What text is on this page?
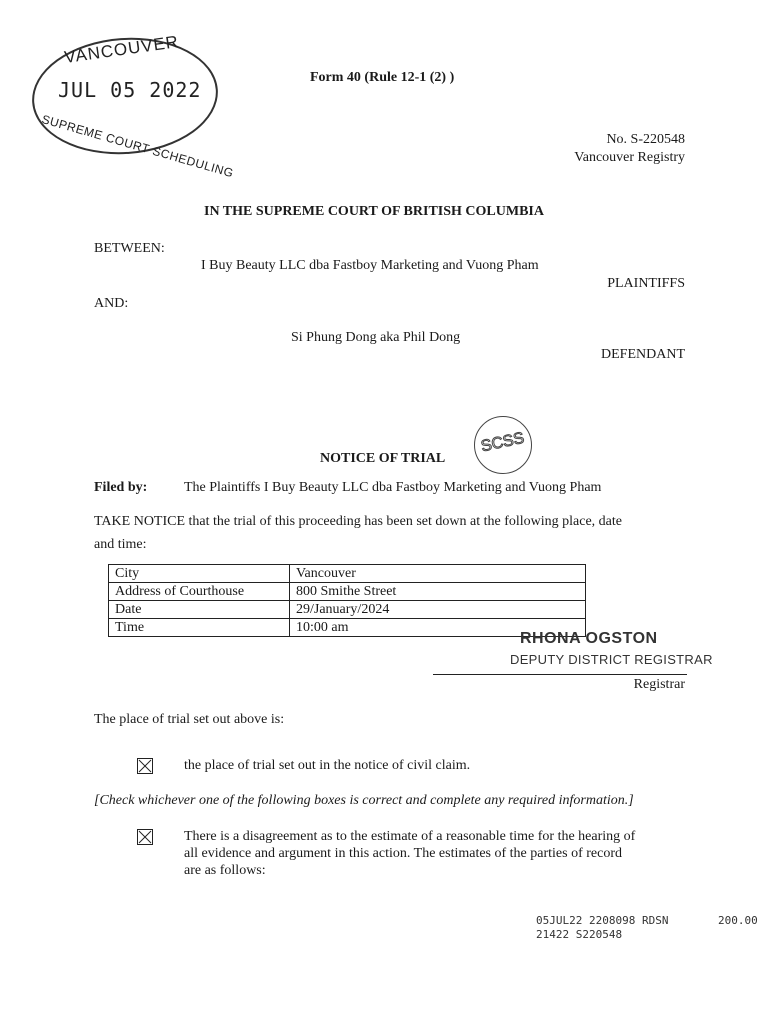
VANCOUVER
JUL 05 2022
SUPREME COURT SCHEDULING
Form 40 (Rule 12-1 (2) )
No. S-220548
Vancouver Registry
IN THE SUPREME COURT OF BRITISH COLUMBIA
BETWEEN:
I Buy Beauty LLC dba Fastboy Marketing and Vuong Pham
PLAINTIFFS
AND:
Si Phung Dong aka Phil Dong
DEFENDANT
SCSS
NOTICE OF TRIAL
Filed by:	The Plaintiffs I Buy Beauty LLC dba Fastboy Marketing and Vuong Pham
TAKE NOTICE that the trial of this proceeding has been set down at the following place, date
and time:
City	Vancouver
Address of Courthouse	800 Smithe Street
Date	29/January/2024
Time	10:00 am
RHONA OGSTON
DEPUTY DISTRICT REGISTRAR
Registrar
The place of trial set out above is:
the place of trial set out in the notice of civil claim.
[Check whichever one of the following boxes is correct and complete any required information.]
There is a disagreement as to the estimate of a reasonable time for the hearing of
all evidence and argument in this action. The estimates of the parties of record
are as follows:
05JUL22 2208098 RDSN	200.00
21422 S220548
